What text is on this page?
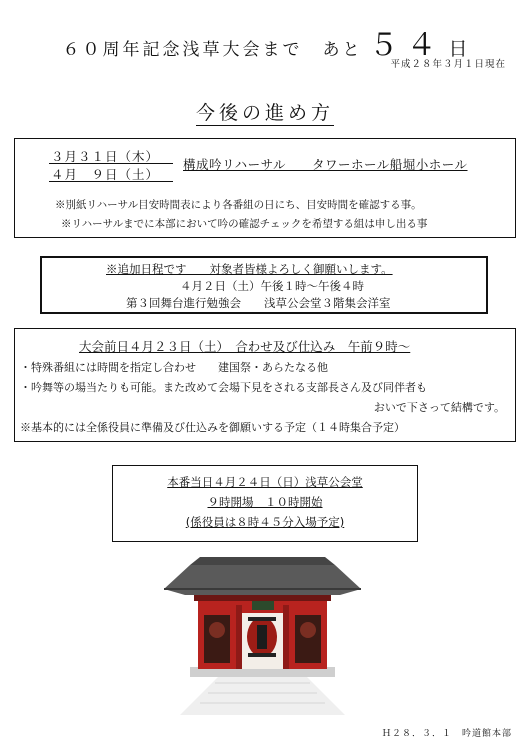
６０周年記念浅草大会まで　あと ５４ 日
平成２８年３月１日現在
今後の進め方
３月３１日（木）
４月　９日（土）
構成吟リハーサル　　タワーホール船堀小ホール
※別紙リハーサル目安時間表により各番組の日にち、目安時間を確認する事。
※リハーサルまでに本部において吟の確認チェックを希望する組は申し出る事
※追加日程です　　対象者皆様よろしく御願いします。
４月２日（土）午後１時〜午後４時
第３回舞台進行勉強会　　浅草公会堂３階集会洋室
大会前日４月２３日（土）　合わせ及び仕込み　午前９時〜
・特殊番組には時間を指定し合わせ　　建国祭・あらたなる他
・吟舞等の場当たりも可能。また改めて会場下見をされる支部長さん及び同伴者も
おいで下さって結構です。
※基本的には全係役員に準備及び仕込みを御願いする予定（１４時集合予定）
本番当日４月２４日（日）浅草公会堂
９時開場　１０時開始
(係役員は８時４５分入場予定)
Ｈ２８．３．１　吟道館本部
